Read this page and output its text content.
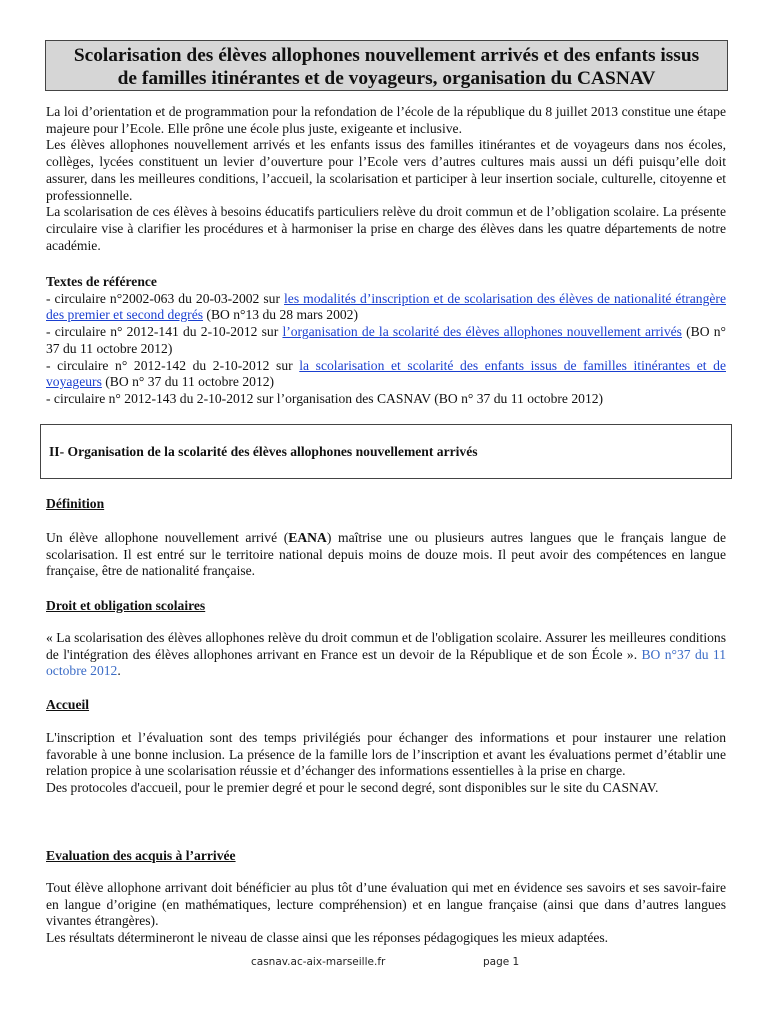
Scolarisation des élèves allophones nouvellement arrivés et des enfants issus
de familles itinérantes et de voyageurs, organisation du CASNAV
La loi d’orientation et de programmation pour la refondation de l’école de la république du 8 juillet 2013 constitue une étape majeure pour l’Ecole. Elle prône une école plus juste, exigeante et inclusive.
Les élèves allophones nouvellement arrivés et les enfants issus des familles itinérantes et de voyageurs dans nos écoles, collèges, lycées constituent un levier d’ouverture pour l’Ecole vers d’autres cultures mais aussi un défi puisqu’elle doit assurer, dans les meilleures conditions, l’accueil, la scolarisation et participer à leur insertion sociale, culturelle, citoyenne et professionnelle.
La scolarisation de ces élèves à besoins éducatifs particuliers relève du droit commun et de l’obligation scolaire. La présente circulaire vise à clarifier les procédures et à harmoniser la prise en charge des élèves dans les quatre départements de notre académie.
Textes de référence
- circulaire n°2002-063 du 20-03-2002 sur les modalités d’inscription et de scolarisation des élèves de nationalité étrangère des premier et second degrés (BO n°13 du 28 mars 2002)
- circulaire n° 2012-141 du 2-10-2012 sur l’organisation de la scolarité des élèves allophones nouvellement arrivés (BO n° 37 du 11 octobre 2012)
- circulaire n° 2012-142 du 2-10-2012 sur la scolarisation et scolarité des enfants issus de familles itinérantes et de voyageurs (BO n° 37 du 11 octobre 2012)
- circulaire n° 2012-143 du 2-10-2012 sur l’organisation des CASNAV (BO n° 37 du 11 octobre 2012)
II- Organisation de la scolarité des élèves allophones nouvellement arrivés
Définition
Un élève allophone nouvellement arrivé (EANA) maîtrise une ou plusieurs autres langues que le français langue de scolarisation. Il est entré sur le territoire national depuis moins de douze mois. Il peut avoir des compétences en langue française, être de nationalité française.
Droit et obligation scolaires
« La scolarisation des élèves allophones relève du droit commun et de l'obligation scolaire. Assurer les meilleures conditions de l'intégration des élèves allophones arrivant en France est un devoir de la République et de son École ». BO n°37 du 11 octobre 2012.
Accueil
L'inscription et l’évaluation sont des temps privilégiés pour échanger des informations et pour instaurer une relation favorable à une bonne inclusion. La présence de la famille lors de l’inscription et avant les évaluations permet d’établir une relation propice à une scolarisation réussie et d’échanger des informations essentielles à la prise en charge.
Des protocoles d'accueil, pour le premier degré et pour le second degré, sont disponibles sur le site du CASNAV.
Evaluation des acquis à l’arrivée
Tout élève allophone arrivant doit bénéficier au plus tôt d’une évaluation qui met en évidence ses savoirs et ses savoir-faire en langue d’origine (en mathématiques, lecture compréhension) et en langue française (ainsi que dans d’autres langues vivantes étrangères).
Les résultats détermineront le niveau de classe ainsi que les réponses pédagogiques les mieux adaptées.
casnav.ac-aix-marseille.fr	page 1
